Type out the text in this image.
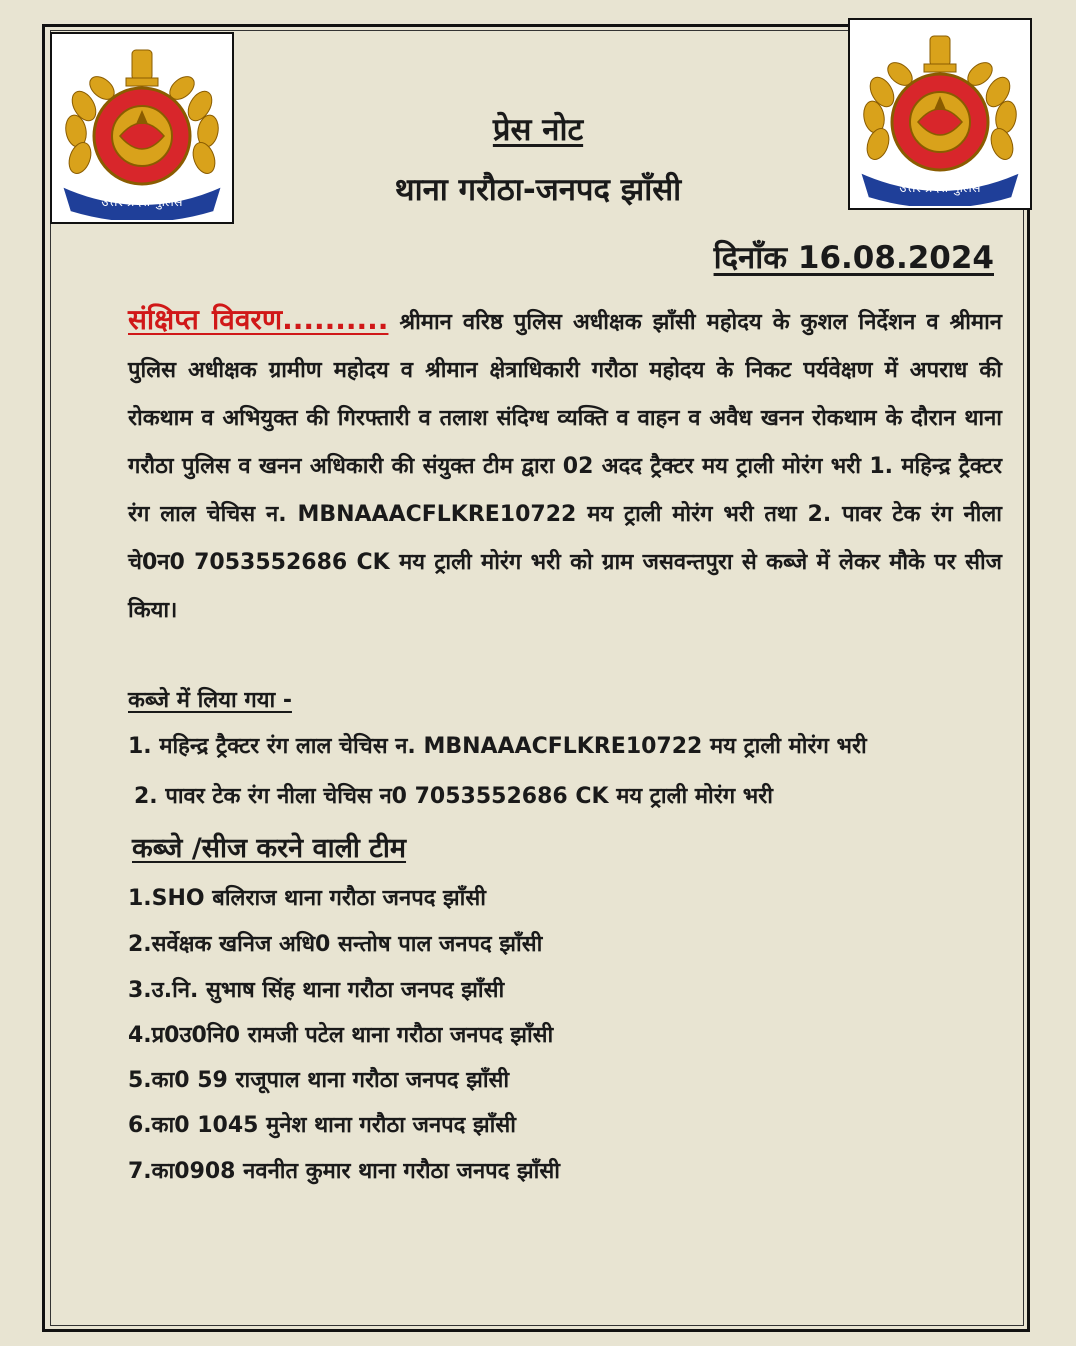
उत्तर प्रदेश पुलिस
उत्तर प्रदेश पुलिस
प्रेस नोट
थाना गरौठा-जनपद झाँसी
दिनाँक 16.08.2024
संक्षिप्त विवरण.......... श्रीमान वरिष्ठ पुलिस अधीक्षक झाँसी महोदय के कुशल निर्देशन व श्रीमान पुलिस अधीक्षक ग्रामीण महोदय व श्रीमान क्षेत्राधिकारी गरौठा महोदय के निकट पर्यवेक्षण में अपराध की रोकथाम व अभियुक्त की गिरफ्तारी व तलाश संदिग्ध व्यक्ति व वाहन व अवैध खनन रोकथाम के दौरान थाना गरौठा पुलिस व खनन अधिकारी की संयुक्त टीम द्वारा 02 अदद ट्रैक्टर मय ट्राली मोरंग भरी 1. महिन्द्र ट्रैक्टर रंग लाल चेचिस न. MBNAAACFLKRE10722 मय ट्राली मोरंग भरी तथा 2. पावर टेक रंग नीला चे0न0 7053552686 CK मय ट्राली मोरंग भरी को ग्राम जसवन्तपुरा से कब्जे में लेकर मौके पर सीज किया।
कब्जे में लिया गया -
1. महिन्द्र ट्रैक्टर रंग लाल चेचिस न. MBNAAACFLKRE10722 मय ट्राली मोरंग भरी
2. पावर टेक रंग नीला चेचिस न0 7053552686 CK मय ट्राली मोरंग भरी
कब्जे /सीज करने वाली टीम
1.SHO बलिराज थाना गरौठा जनपद झाँसी
2.सर्वेक्षक खनिज अधि0 सन्तोष पाल जनपद झाँसी
3.उ.नि. सुभाष सिंह थाना गरौठा जनपद झाँसी
4.प्र0उ0नि0 रामजी पटेल थाना गरौठा जनपद झाँसी
5.का0 59 राजूपाल थाना गरौठा जनपद झाँसी
6.का0 1045 मुनेश थाना गरौठा जनपद झाँसी
7.का0908 नवनीत कुमार थाना गरौठा जनपद झाँसी
